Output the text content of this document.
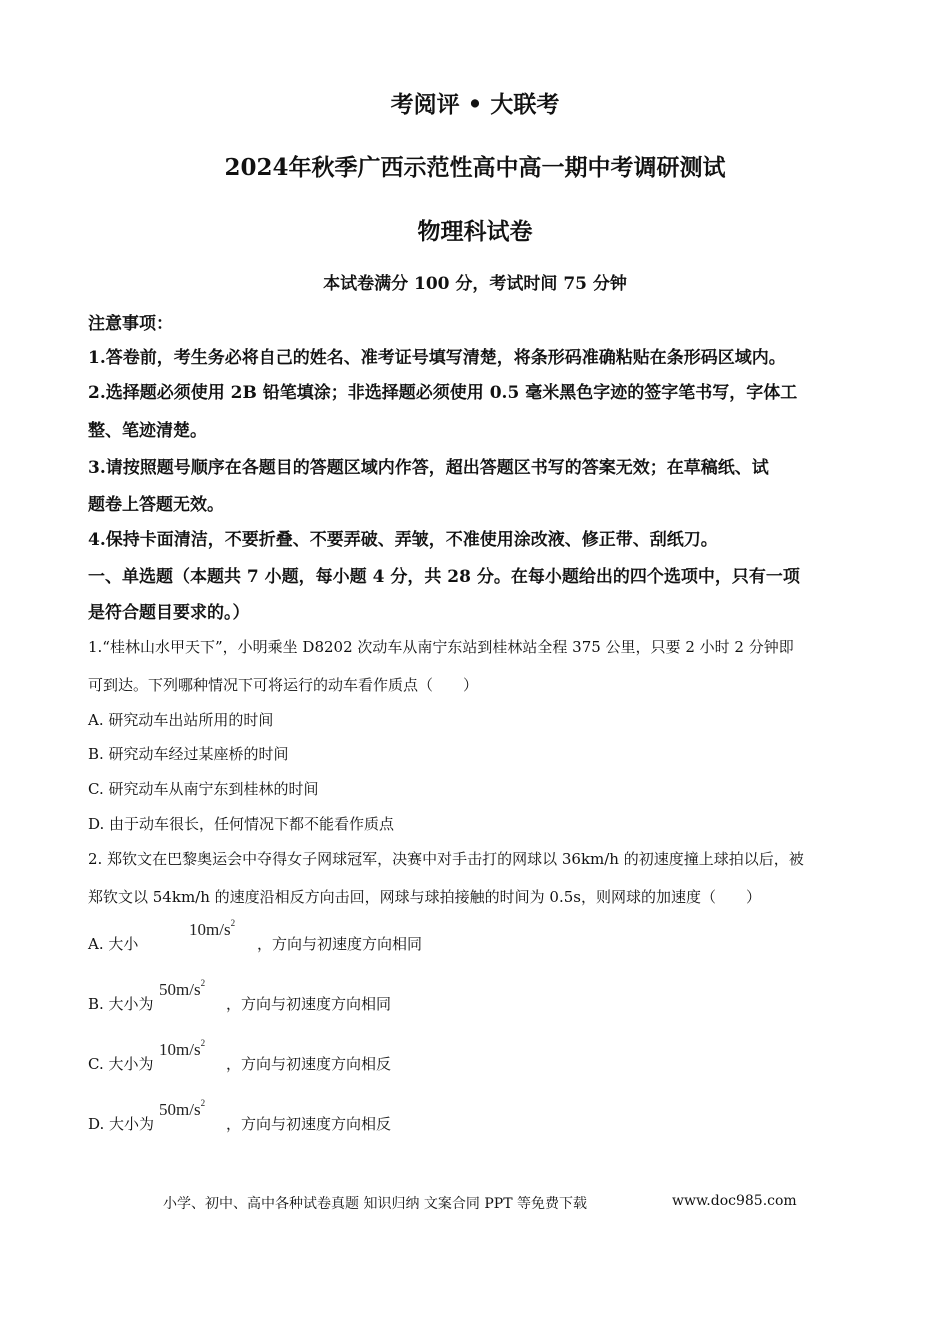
考阅评 • 大联考
2024年秋季广西示范性高中高一期中考调研测试
物理科试卷
本试卷满分 100 分，考试时间 75 分钟
注意事项：
1.答卷前，考生务必将自己的姓名、准考证号填写清楚，将条形码准确粘贴在条形码区域内。
2.选择题必须使用 2B 铅笔填涂；非选择题必须使用 0.5 毫米黑色字迹的签字笔书写，字体工
整、笔迹清楚。
3.请按照题号顺序在各题目的答题区域内作答，超出答题区书写的答案无效；在草稿纸、试
题卷上答题无效。
4.保持卡面清洁，不要折叠、不要弄破、弄皱，不准使用涂改液、修正带、刮纸刀。
一、单选题（本题共 7 小题，每小题 4 分，共 28 分。在每小题给出的四个选项中，只有一项
是符合题目要求的。）
1.“桂林山水甲天下”，小明乘坐 D8202 次动车从南宁东站到桂林站全程 375 公里，只要 2 小时 2 分钟即
可到达。下列哪种情况下可将运行的动车看作质点（　　）
A. 研究动车出站所用的时间
B. 研究动车经过某座桥的时间
C. 研究动车从南宁东到桂林的时间
D. 由于动车很长，任何情况下都不能看作质点
2. 郑钦文在巴黎奥运会中夺得女子网球冠军，决赛中对手击打的网球以 36km/h 的初速度撞上球拍以后，被
郑钦文以 54km/h 的速度沿相反方向击回，网球与球拍接触的时间为 0.5s，则网球的加速度（　　）
A. 大小
$10m/s^2$
，方向与初速度方向相同
B. 大小为
$50m/s^2$
，方向与初速度方向相同
C. 大小为
$10m/s^2$
，方向与初速度方向相反
D. 大小为
$50m/s^2$
，方向与初速度方向相反
小学、初中、高中各种试卷真题 知识归纳 文案合同 PPT 等免费下载	www.doc985.com
